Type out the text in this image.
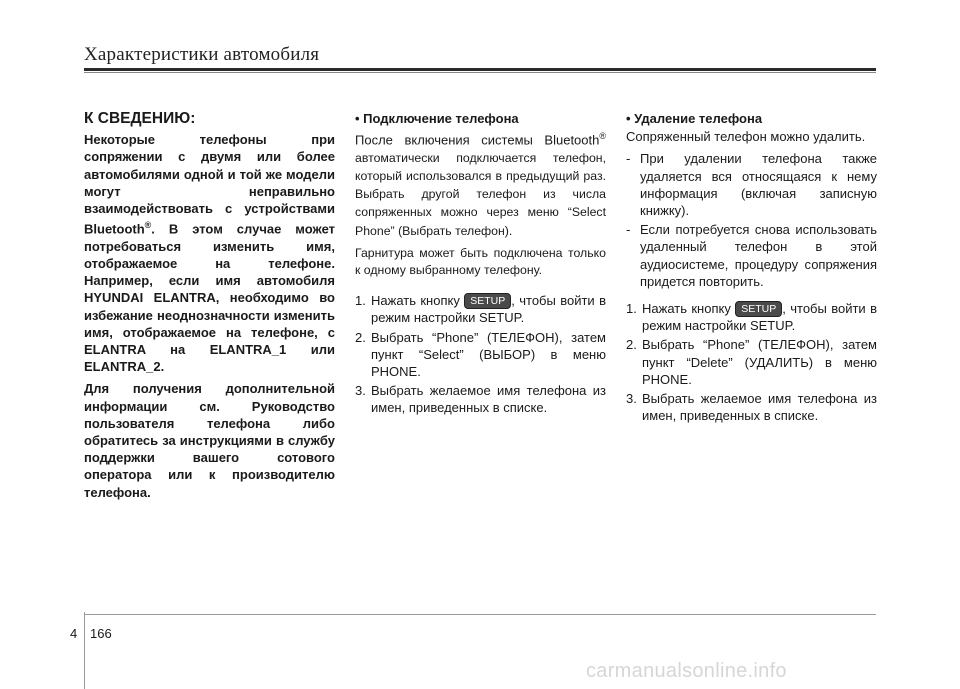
Характеристики автомобиля
К СВЕДЕНИЮ:

Некоторые телефоны при сопряжении с двумя или более автомобилями одной и той же модели могут неправильно взаимодействовать с устройствами Bluetooth®. В этом случае может потребоваться изменить имя, отображаемое на телефоне. Например, если имя автомобиля HYUNDAI ELANTRA, необходимо во избежание неоднозначности изменить имя, отображаемое на телефоне, с ELANTRA на ELANTRA_1 или ELANTRA_2.

Для получения дополнительной информации см. Руководство пользователя телефона либо обратитесь за инструкциями в службу поддержки вашего сотового оператора или к производителю телефона.

• Подключение телефона

После включения системы Bluetooth® автоматически подключается телефон, который использовался в предыдущий раз. Выбрать другой телефон из числа сопряженных можно через меню “Select Phone” (Выбрать телефон).

Гарнитура может быть подключена только к одному выбранному телефону.

1. Нажать кнопку SETUP , чтобы войти в режим настройки SETUP.
2. Выбрать “Phone” (ТЕЛЕФОН), затем пункт “Select” (ВЫБОР) в меню PHONE.
3. Выбрать желаемое имя телефона из имен, приведенных в списке.
• Удаление телефона

Сопряженный телефон можно удалить.

- При удалении телефона также удаляется вся относящаяся к нему информация (включая записную книжку).
- Если потребуется снова использовать удаленный телефон в этой аудиосистеме, процедуру сопряжения придется повторить.
1. Нажать кнопку SETUP , чтобы войти в режим настройки SETUP.
2. Выбрать “Phone” (ТЕЛЕФОН), затем пункт “Delete” (УДАЛИТЬ) в меню PHONE.
3. Выбрать желаемое имя телефона из имен, приведенных в списке.
4 166
carmanualsonline.info
